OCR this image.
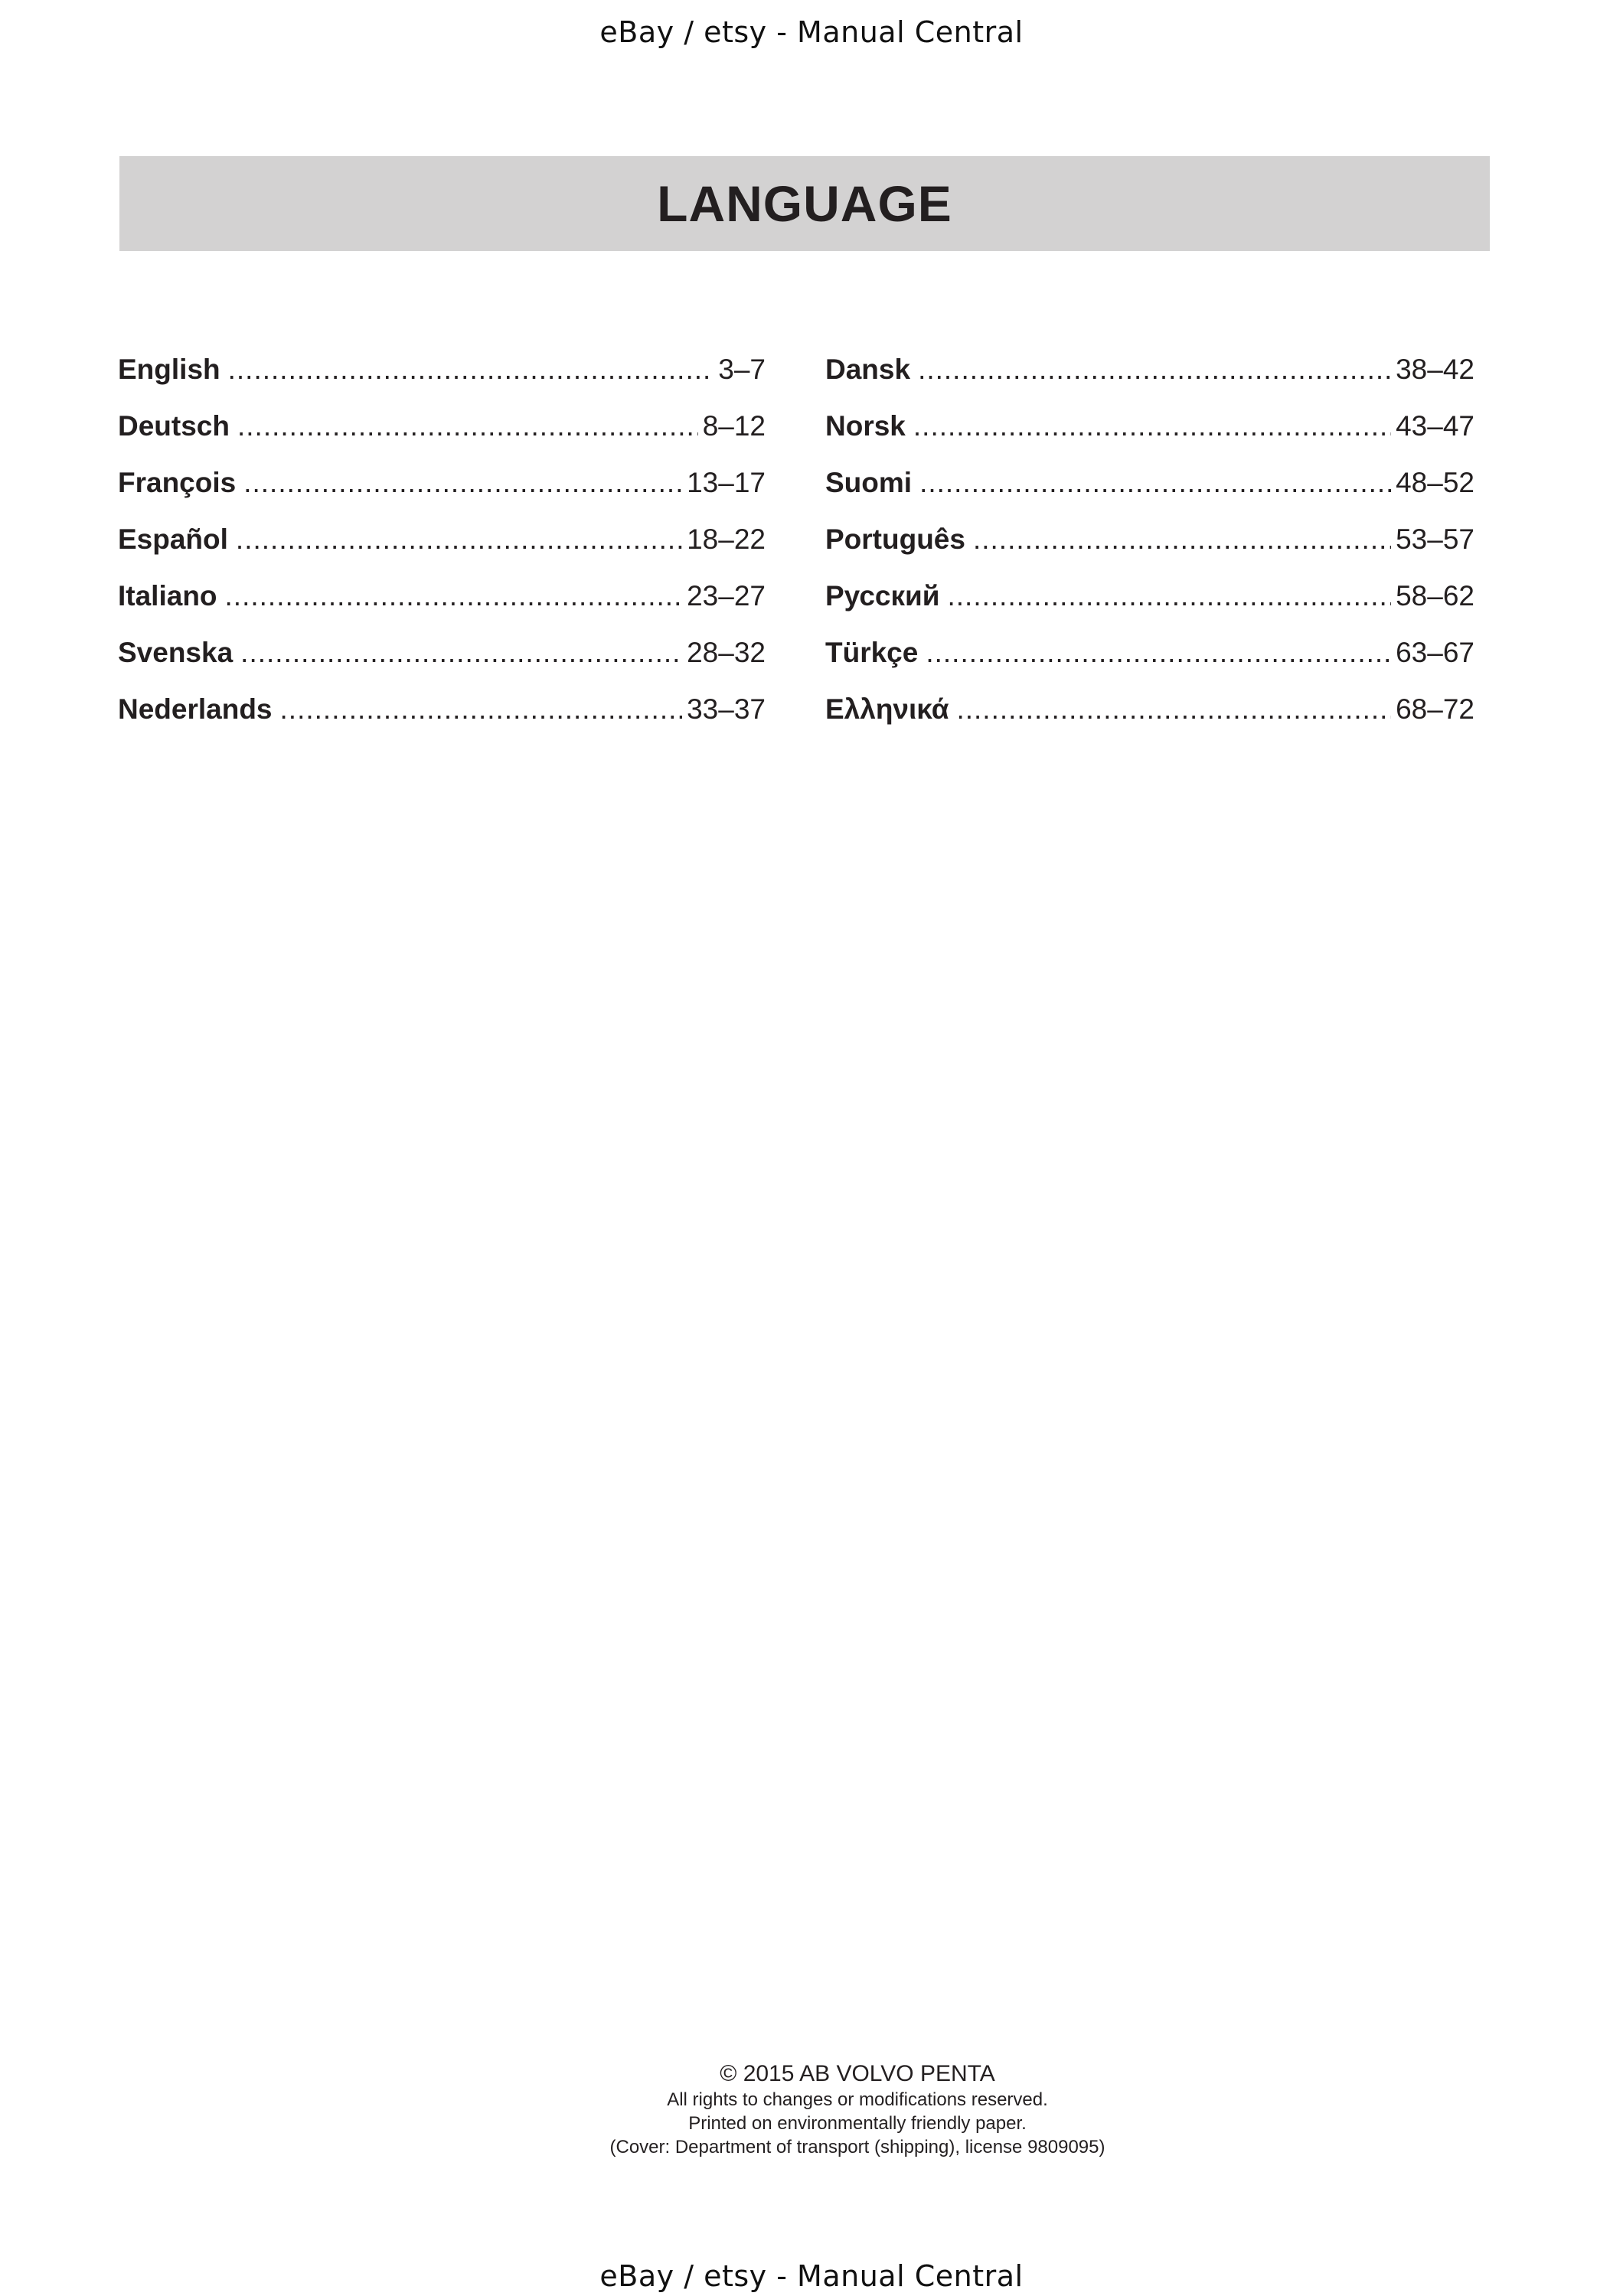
eBay / etsy - Manual Central
LANGUAGE
English .....	3–7
Deutsch .....	8–12
François .....	13–17
Español .....	18–22
Italiano .....	23–27
Svenska .....	28–32
Nederlands .....	33–37
Dansk .....	38–42
Norsk .....	43–47
Suomi .....	48–52
Português .....	53–57
Русский .....	58–62
Türkçe .....	63–67
Ελληνικά .....	68–72
© 2015 AB VOLVO PENTA
All rights to changes or modifications reserved.
Printed on environmentally friendly paper.
(Cover: Department of transport (shipping), license 9809095)
eBay / etsy - Manual Central
